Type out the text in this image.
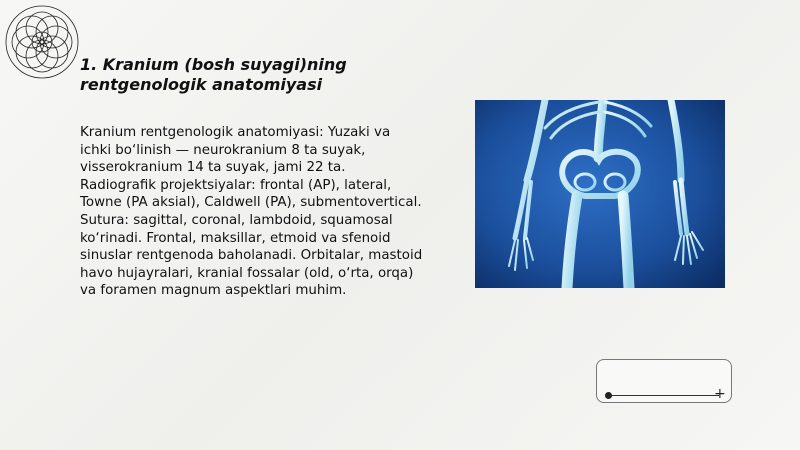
1. Kranium (bosh suyagi)ning rentgenologik anatomiyasi

Kranium rentgenologik anatomiyasi: Yuzaki va ichki bo‘linish — neurokranium 8 ta suyak, visserokranium 14 ta suyak, jami 22 ta. Radiografik projektsiyalar: frontal (AP), lateral, Towne (PA aksial), Caldwell (PA), submentovertical. Sutura: sagittal, coronal, lambdoid, squamosal ko‘rinadi. Frontal, maksillar, etmoid va sfenoid sinuslar rentgenoda baholanadi. Orbitalar, mastoid havo hujayralari, kranial fossalar (old, o‘rta, orqa) va foramen magnum aspektlari muhim.

+
